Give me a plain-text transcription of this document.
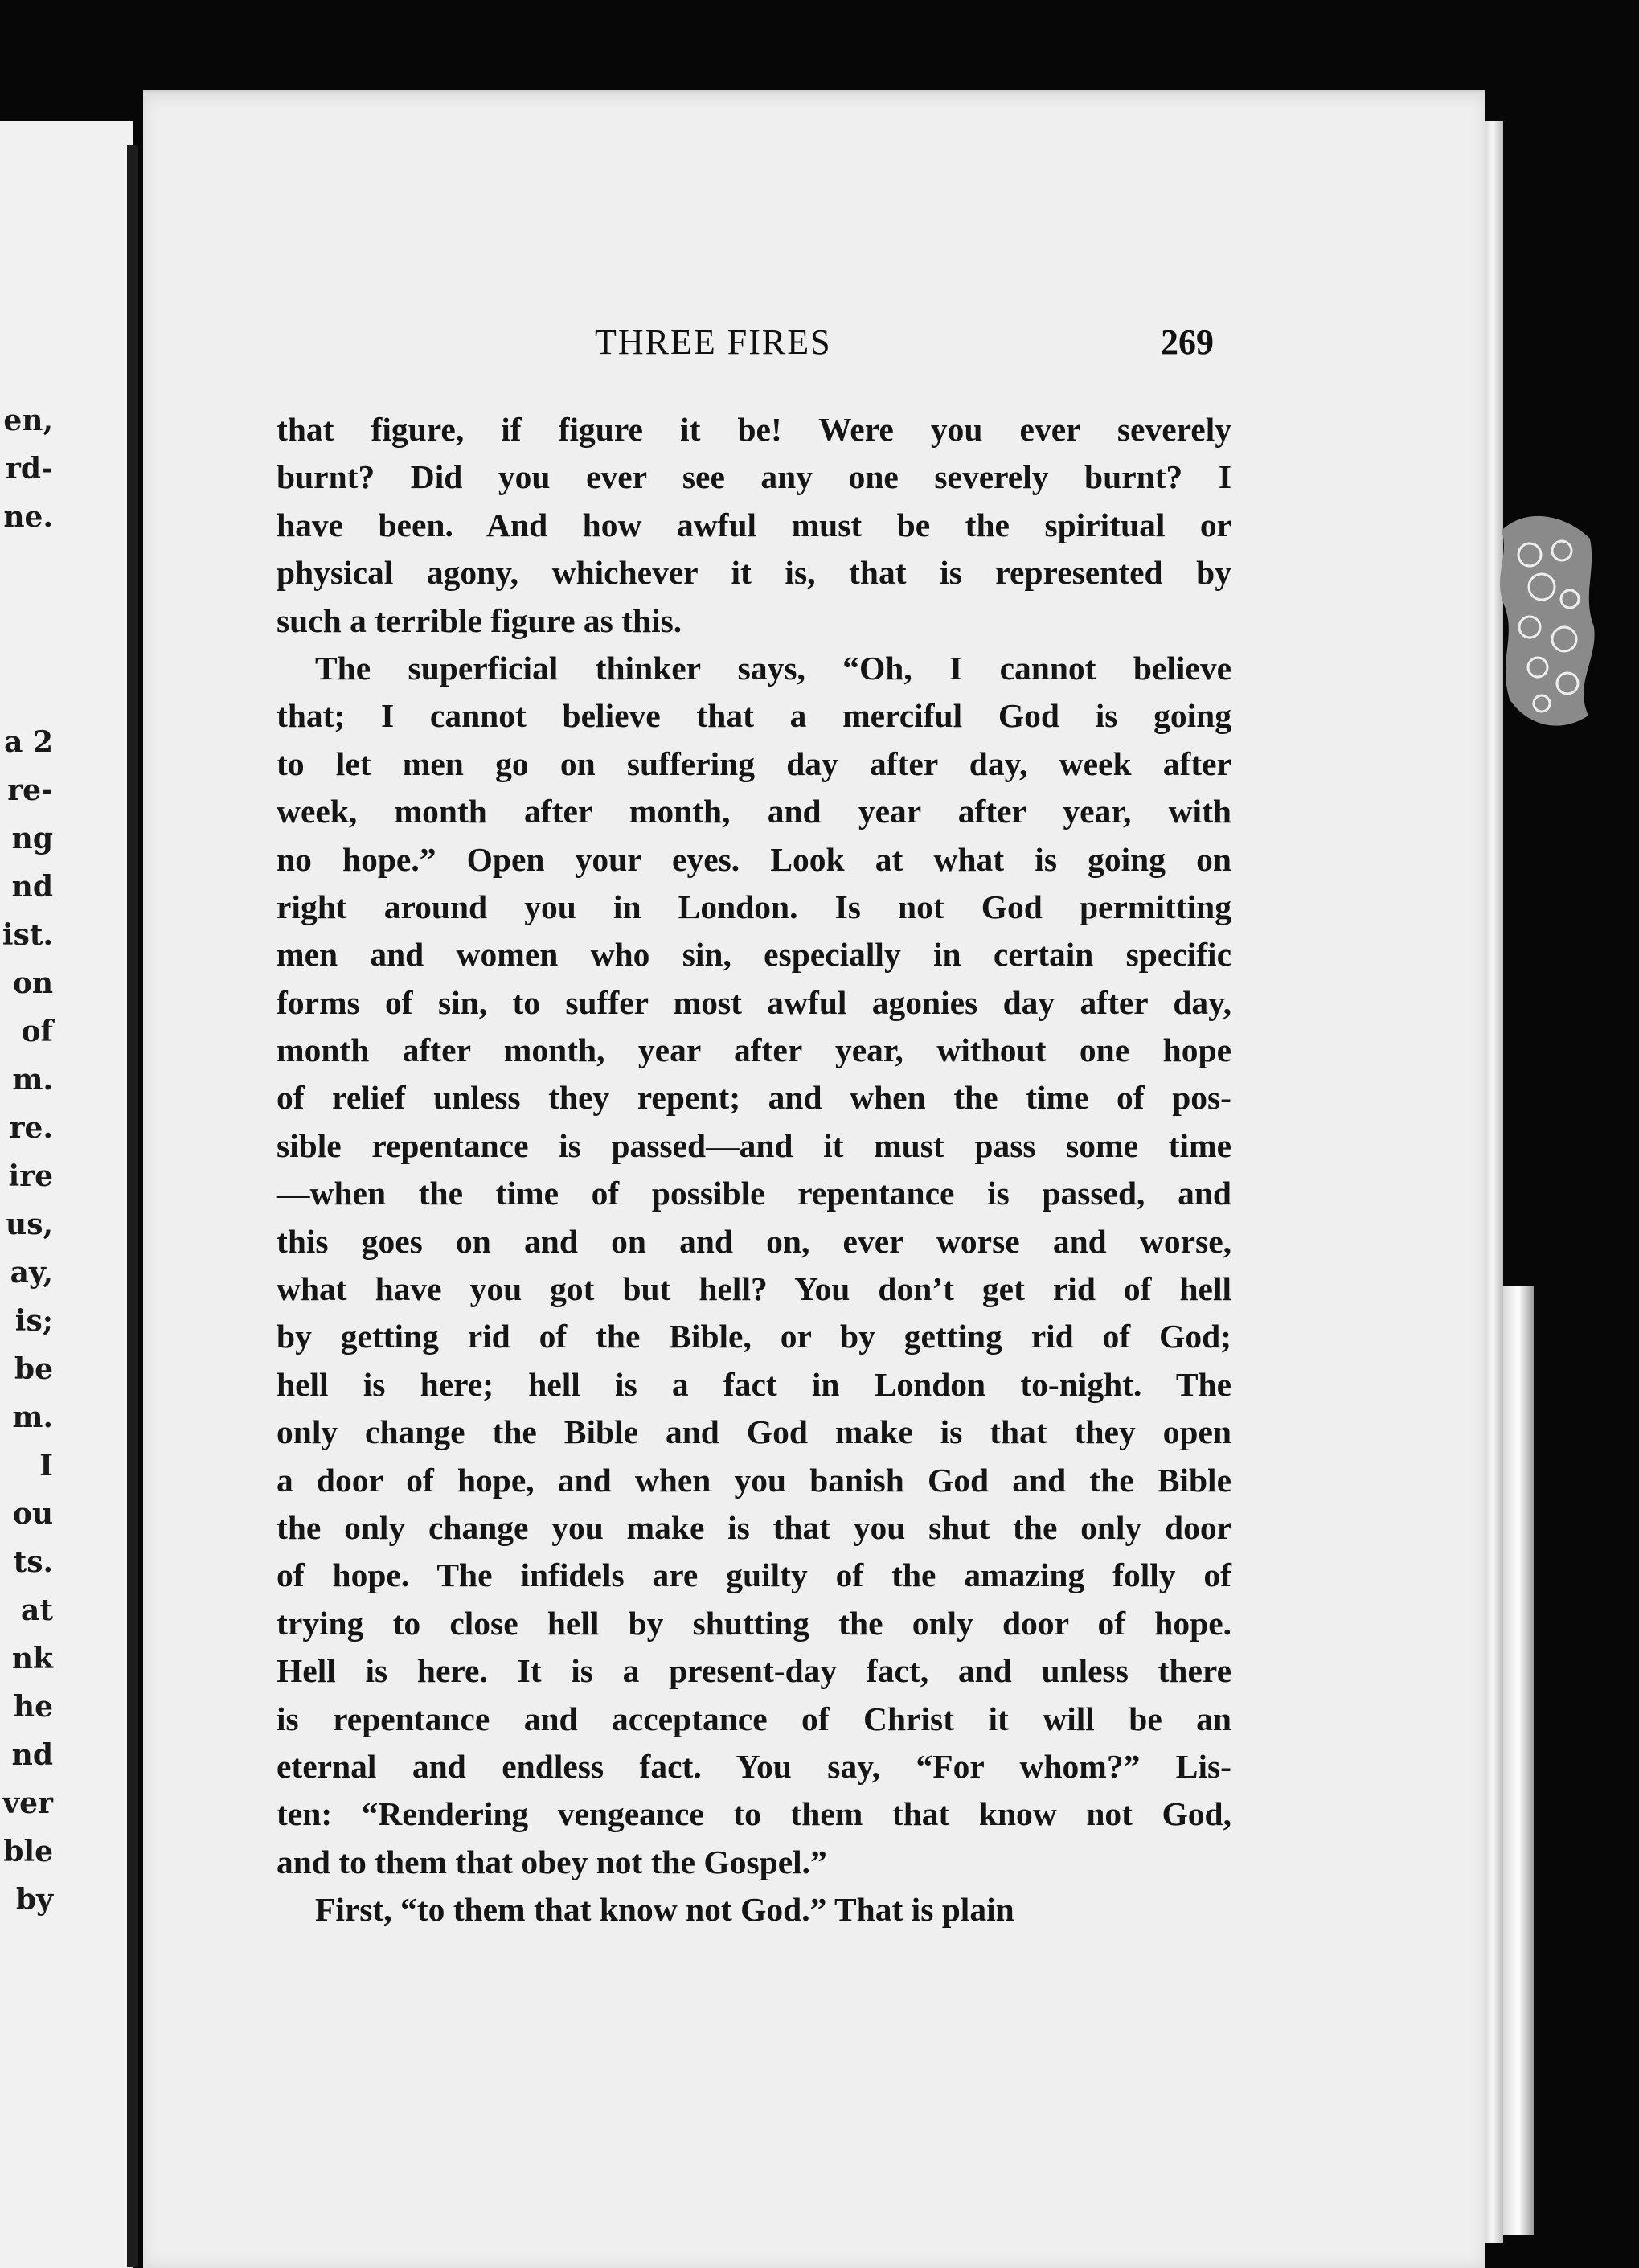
en,
rd-
ne.
a 2
re-
ng
nd
ist.
on
of
m.
re.
ire
us,
ay,
is;
be
m.
I
ou
ts.
at
nk
he
nd
ver
ble
by
THREE FIRES	269
that figure, if figure it be! Were you ever severely
burnt? Did you ever see any one severely burnt? I
have been. And how awful must be the spiritual or
physical agony, whichever it is, that is represented by
such a terrible figure as this.
The superficial thinker says, “Oh, I cannot believe
that; I cannot believe that a merciful God is going
to let men go on suffering day after day, week after
week, month after month, and year after year, with
no hope.” Open your eyes. Look at what is going on
right around you in London. Is not God permitting
men and women who sin, especially in certain specific
forms of sin, to suffer most awful agonies day after day,
month after month, year after year, without one hope
of relief unless they repent; and when the time of pos-
sible repentance is passed—and it must pass some time
—when the time of possible repentance is passed, and
this goes on and on and on, ever worse and worse,
what have you got but hell? You don’t get rid of hell
by getting rid of the Bible, or by getting rid of God;
hell is here; hell is a fact in London to-night. The
only change the Bible and God make is that they open
a door of hope, and when you banish God and the Bible
the only change you make is that you shut the only door
of hope. The infidels are guilty of the amazing folly of
trying to close hell by shutting the only door of hope.
Hell is here. It is a present-day fact, and unless there
is repentance and acceptance of Christ it will be an
eternal and endless fact. You say, “For whom?” Lis-
ten: “Rendering vengeance to them that know not God,
and to them that obey not the Gospel.”
First, “to them that know not God.” That is plain
